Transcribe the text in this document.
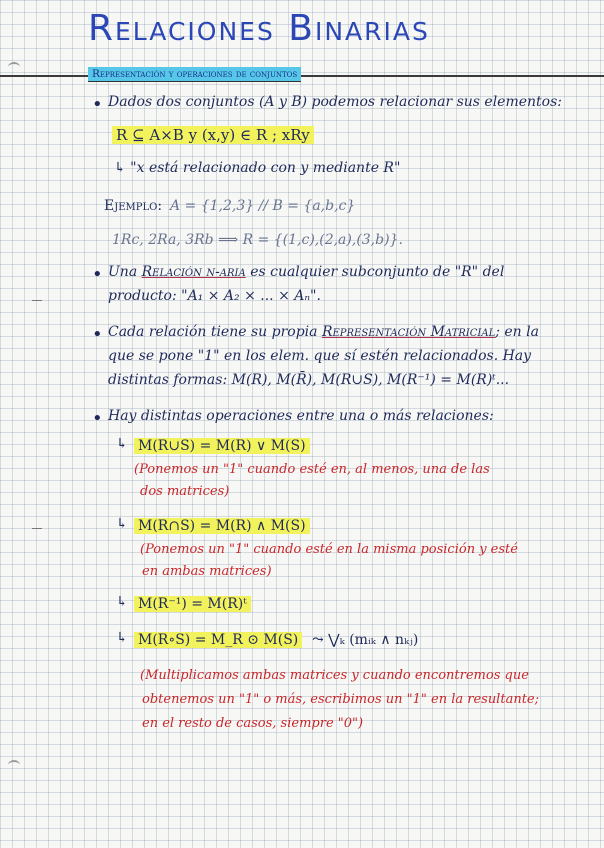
Relaciones Binarias
Representación y operaciones de conjuntos
• Dados dos conjuntos (A y B) podemos relacionar sus elementos:
R ⊆ A×B y (x,y) ∈ R ; xRy
↳ "x está relacionado con y mediante R"
Ejemplo: A = {1,2,3} // B = {a,b,c}
1Rc, 2Ra, 3Rb ⟹ R = {(1,c),(2,a),(3,b)}.
• Una Relación n-aria es cualquier subconjunto de "R" del
producto: "A₁ × A₂ × ... × Aₙ".
• Cada relación tiene su propia Representación Matricial; en la
que se pone "1" en los elem. que sí estén relacionados. Hay
distintas formas: M(R), M(R̄), M(R∪S), M(R⁻¹) = M(R)ᵗ...
• Hay distintas operaciones entre una o más relaciones:
↳ M(R∪S) = M(R) ∨ M(S)
(Ponemos un "1" cuando esté en, al menos, una de las
dos matrices)
↳ M(R∩S) = M(R) ∧ M(S)
(Ponemos un "1" cuando esté en la misma posición y esté
en ambas matrices)
↳ M(R⁻¹) = M(R)ᵗ
↳ M(R∘S) = M_R ⊙ M(S) ⤳ ⋁ₖ (mᵢₖ ∧ nₖⱼ)
(Multiplicamos ambas matrices y cuando encontremos que
obtenemos un "1" o más, escribimos un "1" en la resultante;
en el resto de casos, siempre "0")
